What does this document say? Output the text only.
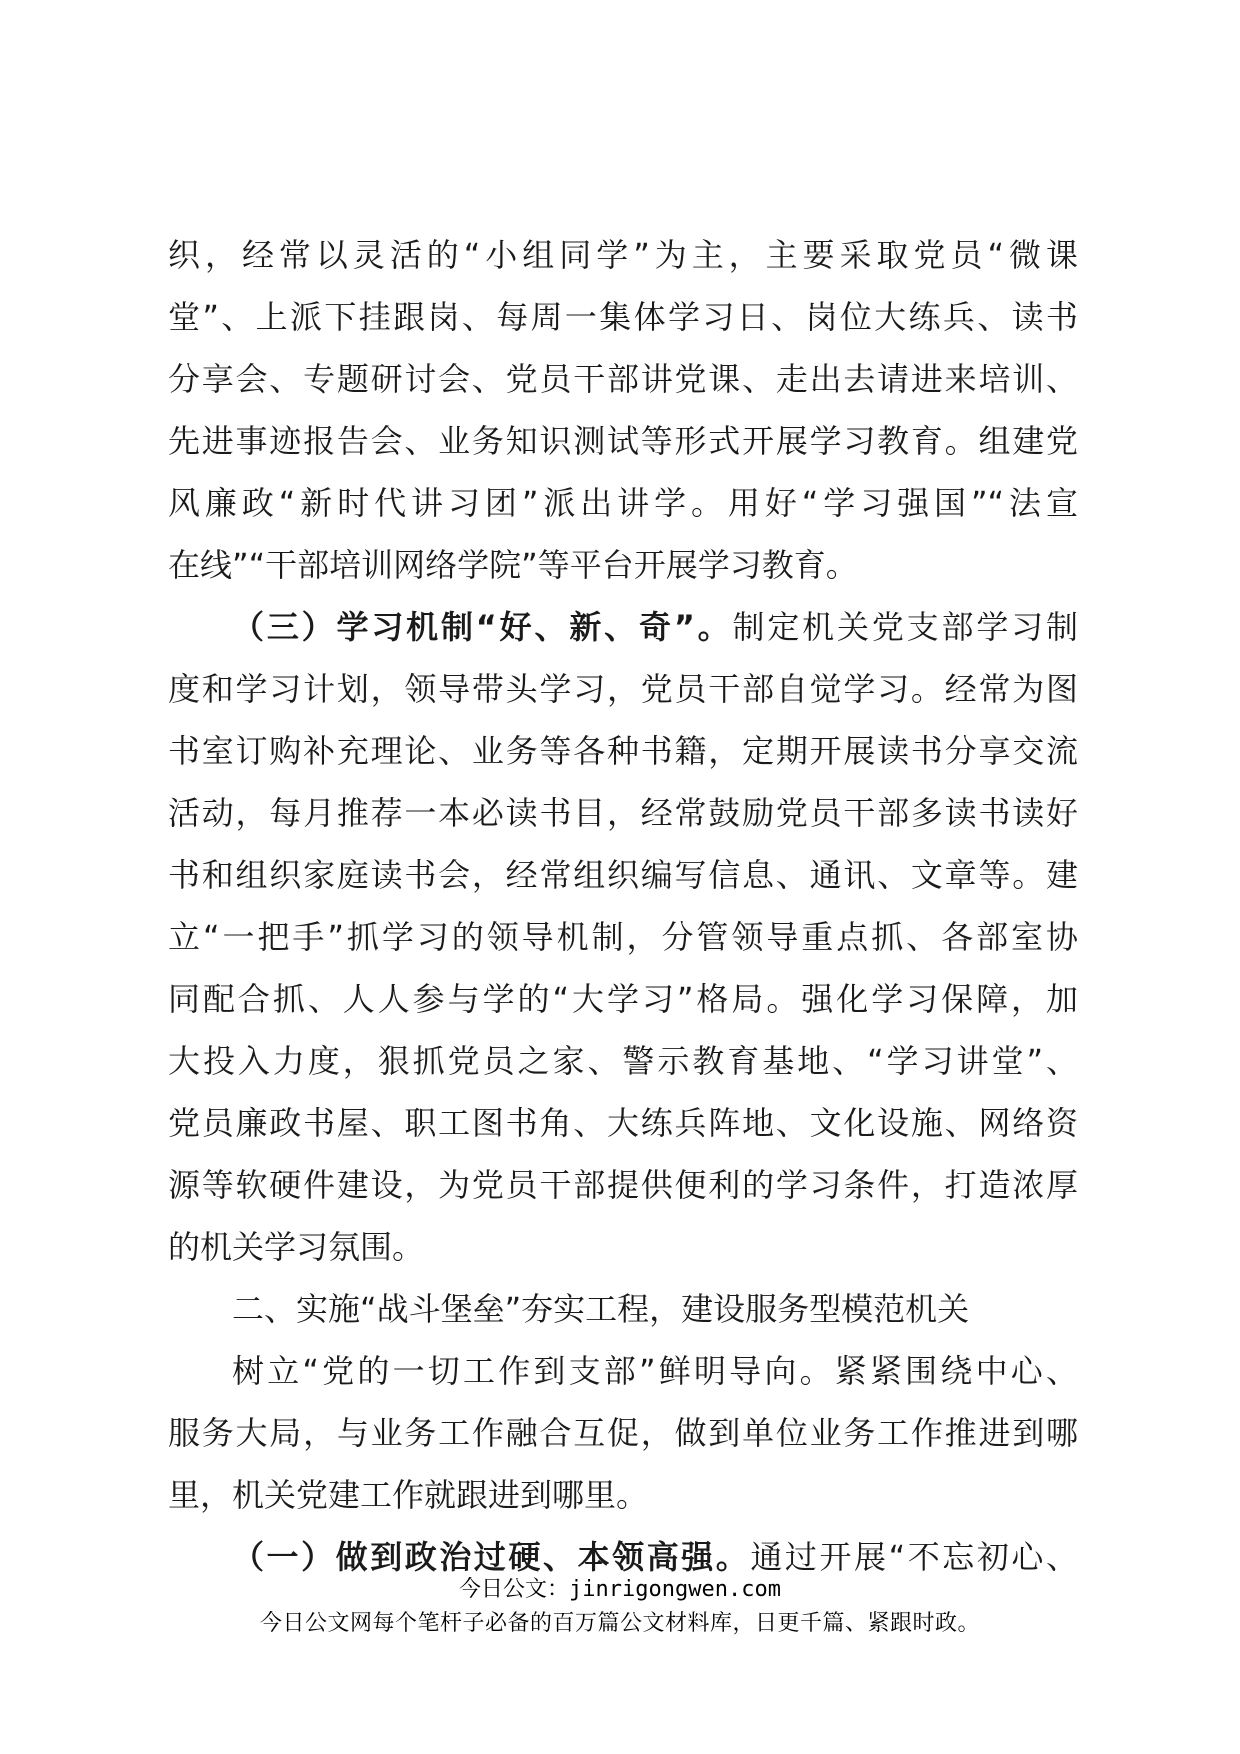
织，经常以灵活的“小组同学”为主，主要采取党员“微课
堂”、上派下挂跟岗、每周一集体学习日、岗位大练兵、读书
分享会、专题研讨会、党员干部讲党课、走出去请进来培训、
先进事迹报告会、业务知识测试等形式开展学习教育。组建党
风廉政“新时代讲习团”派出讲学。用好“学习强国”“法宣
在线”“干部培训网络学院”等平台开展学习教育。
（三）学习机制“好、新、奇”。制定机关党支部学习制
度和学习计划，领导带头学习，党员干部自觉学习。经常为图
书室订购补充理论、业务等各种书籍，定期开展读书分享交流
活动，每月推荐一本必读书目，经常鼓励党员干部多读书读好
书和组织家庭读书会，经常组织编写信息、通讯、文章等。建
立“一把手”抓学习的领导机制，分管领导重点抓、各部室协
同配合抓、人人参与学的“大学习”格局。强化学习保障，加
大投入力度，狠抓党员之家、警示教育基地、“学习讲堂”、
党员廉政书屋、职工图书角、大练兵阵地、文化设施、网络资
源等软硬件建设，为党员干部提供便利的学习条件，打造浓厚
的机关学习氛围。
二、实施“战斗堡垒”夯实工程，建设服务型模范机关
树立“党的一切工作到支部”鲜明导向。紧紧围绕中心、
服务大局，与业务工作融合互促，做到单位业务工作推进到哪
里，机关党建工作就跟进到哪里。
（一）做到政治过硬、本领高强。通过开展“不忘初心、
今日公文：jinrigongwen.com
今日公文网每个笔杆子必备的百万篇公文材料库，日更千篇、紧跟时政。
